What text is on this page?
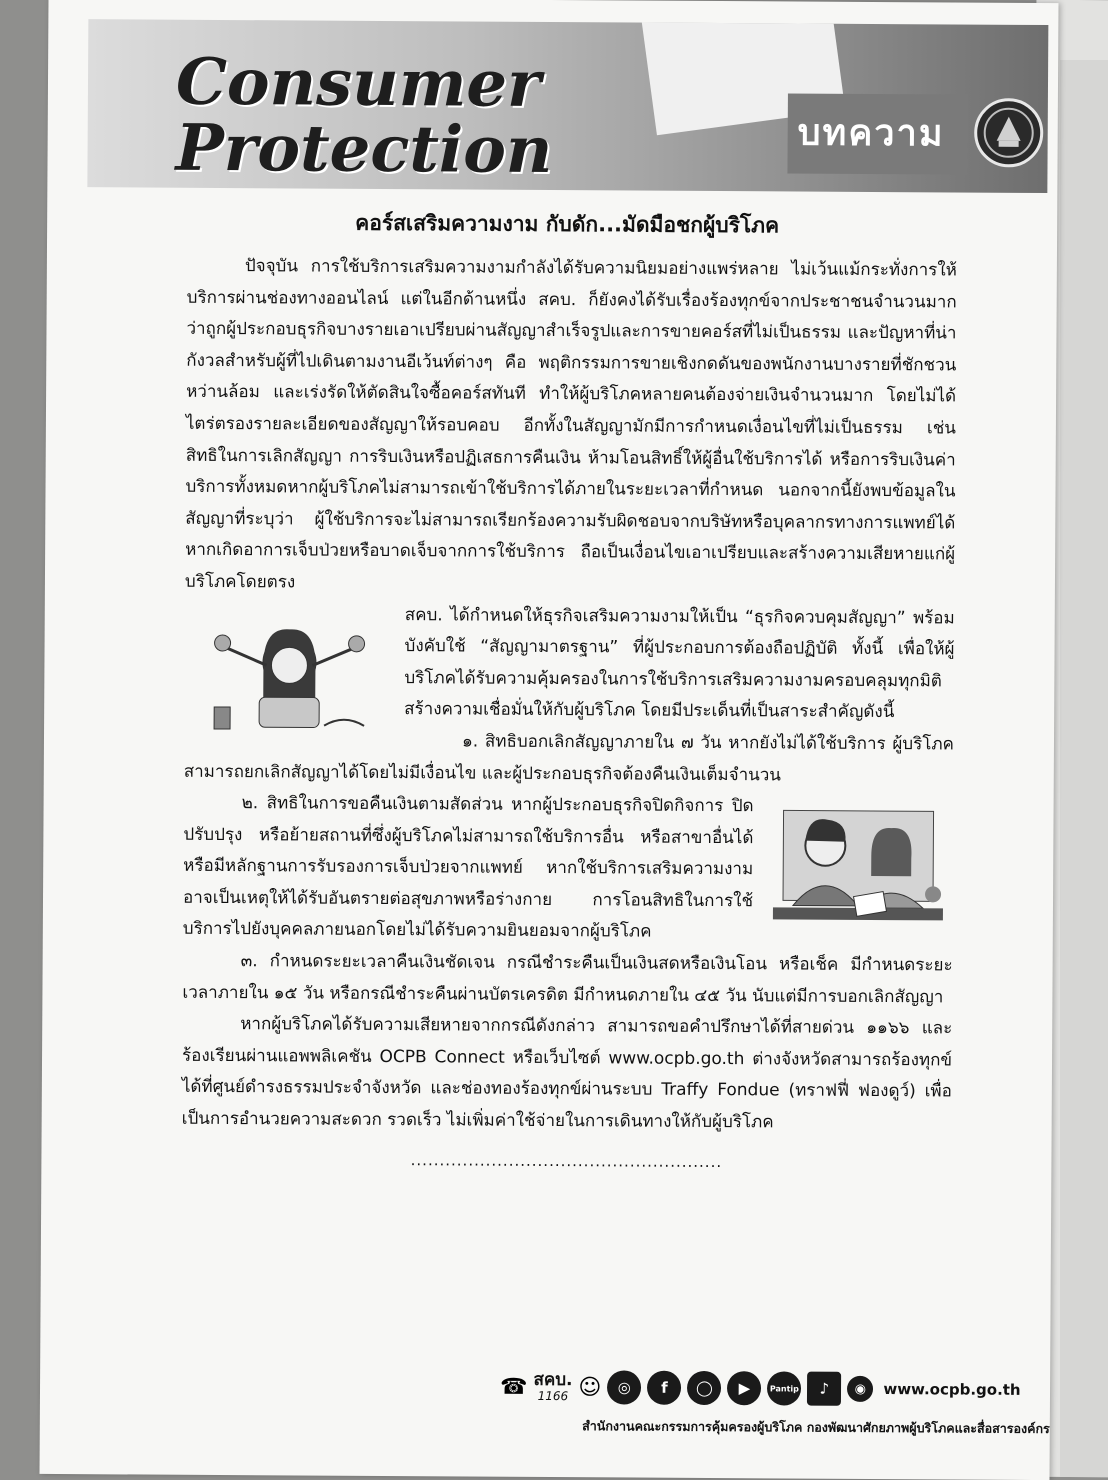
Consumer
Protection	บทความ
คอร์สเสริมความงาม กับดัก...มัดมือชกผู้บริโภค

ปัจจุบัน การใช้บริการเสริมความงามกำลังได้รับความนิยมอย่างแพร่หลาย ไม่เว้นแม้กระทั่งการให้บริการผ่านช่องทางออนไลน์ แต่ในอีกด้านหนึ่ง สคบ. ก็ยังคงได้รับเรื่องร้องทุกข์จากประชาชนจำนวนมาก ว่าถูกผู้ประกอบธุรกิจบางรายเอาเปรียบผ่านสัญญาสำเร็จรูปและการขายคอร์สที่ไม่เป็นธรรม และปัญหาที่น่ากังวลสำหรับผู้ที่ไปเดินตามงานอีเว้นท์ต่างๆ คือ พฤติกรรมการขายเชิงกดดันของพนักงานบางรายที่ชักชวน หว่านล้อม และเร่งรัดให้ตัดสินใจซื้อคอร์สทันที ทำให้ผู้บริโภคหลายคนต้องจ่ายเงินจำนวนมาก โดยไม่ได้ไตร่ตรองรายละเอียดของสัญญาให้รอบคอบ อีกทั้งในสัญญามักมีการกำหนดเงื่อนไขที่ไม่เป็นธรรม เช่น สิทธิในการเลิกสัญญา การริบเงินหรือปฏิเสธการคืนเงิน ห้ามโอนสิทธิ์ให้ผู้อื่นใช้บริการได้ หรือการริบเงินค่าบริการทั้งหมดหากผู้บริโภคไม่สามารถเข้าใช้บริการได้ภายในระยะเวลาที่กำหนด นอกจากนี้ยังพบข้อมูลในสัญญาที่ระบุว่า ผู้ใช้บริการจะไม่สามารถเรียกร้องความรับผิดชอบจากบริษัทหรือบุคลากรทางการแพทย์ได้ หากเกิดอาการเจ็บป่วยหรือบาดเจ็บจากการใช้บริการ ถือเป็นเงื่อนไขเอาเปรียบและสร้างความเสียหายแก่ผู้บริโภคโดยตรง

สคบ. ได้กำหนดให้ธุรกิจเสริมความงามให้เป็น “ธุรกิจควบคุมสัญญา” พร้อมบังคับใช้ “สัญญามาตรฐาน” ที่ผู้ประกอบการต้องถือปฏิบัติ ทั้งนี้ เพื่อให้ผู้บริโภคได้รับความคุ้มครองในการใช้บริการเสริมความงามครอบคลุมทุกมิติ สร้างความเชื่อมั่นให้กับผู้บริโภค โดยมีประเด็นที่เป็นสาระสำคัญดังนี้

๑. สิทธิบอกเลิกสัญญาภายใน ๗ วัน หากยังไม่ได้ใช้บริการ ผู้บริโภคสามารถยกเลิกสัญญาได้โดยไม่มีเงื่อนไข และผู้ประกอบธุรกิจต้องคืนเงินเต็มจำนวน

๒. สิทธิในการขอคืนเงินตามสัดส่วน หากผู้ประกอบธุรกิจปิดกิจการ ปิดปรับปรุง หรือย้ายสถานที่ซึ่งผู้บริโภคไม่สามารถใช้บริการอื่น หรือสาขาอื่นได้ หรือมีหลักฐานการรับรองการเจ็บป่วยจากแพทย์ หากใช้บริการเสริมความงามอาจเป็นเหตุให้ได้รับอันตรายต่อสุขภาพหรือร่างกาย การโอนสิทธิในการใช้บริการไปยังบุคคลภายนอกโดยไม่ได้รับความยินยอมจากผู้บริโภค

๓. กำหนดระยะเวลาคืนเงินชัดเจน กรณีชำระคืนเป็นเงินสดหรือเงินโอน หรือเช็ค มีกำหนดระยะเวลาภายใน ๑๕ วัน หรือกรณีชำระคืนผ่านบัตรเครดิต มีกำหนดภายใน ๔๕ วัน นับแต่มีการบอกเลิกสัญญา

หากผู้บริโภคได้รับความเสียหายจากกรณีดังกล่าว สามารถขอคำปรึกษาได้ที่สายด่วน ๑๑๖๖ และร้องเรียนผ่านแอพพลิเคชัน OCPB Connect หรือเว็บไซต์ www.ocpb.go.th ต่างจังหวัดสามารถร้องทุกข์ได้ที่ศูนย์ดำรงธรรมประจำจังหวัด และช่องทองร้องทุกข์ผ่านระบบ Traffy Fondue (ทราฟฟี่ ฟองดูว์) เพื่อเป็นการอำนวยความสะดวก รวดเร็ว ไม่เพิ่มค่าใช้จ่ายในการเดินทางให้กับผู้บริโภค

......................................................
☎ สคบ.
1166 ☺	◎	f	◯	▶	Pantip	♪	◉	www.ocpb.go.th
สำนักงานคณะกรรมการคุ้มครองผู้บริโภค กองพัฒนาศักยภาพผู้บริโภคและสื่อสารองค์กร
